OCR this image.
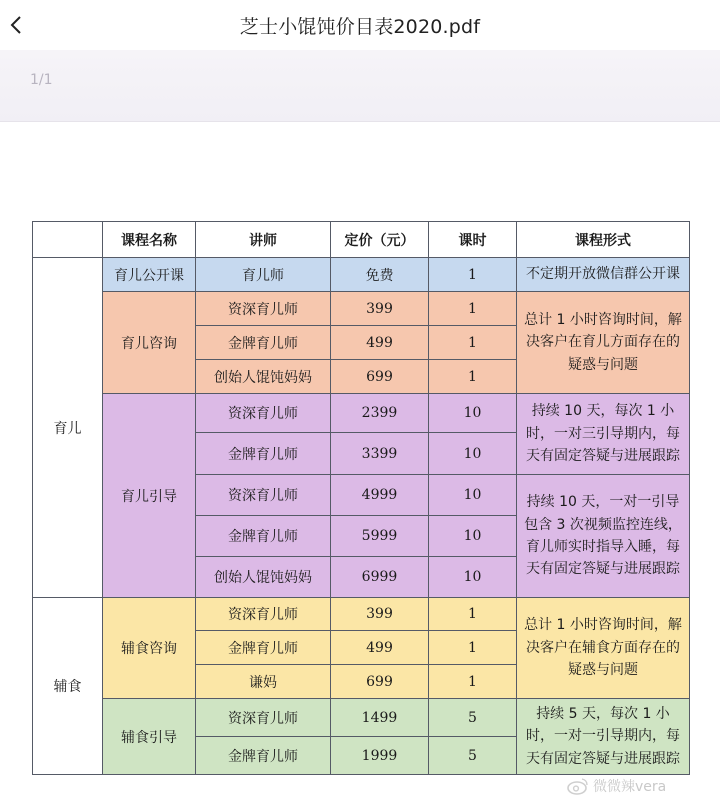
芝士小馄饨价目表2020.pdf
1/1
	课程名称	讲师	定价（元）	课时	课程形式
育儿	育儿公开课	育儿师	免费	1	不定期开放微信群公开课
	育儿咨询	资深育儿师	399	1	总计 1 小时咨询时间，解决客户在育儿方面存在的疑惑与问题
		金牌育儿师	499	1	
		创始人馄饨妈妈	699	1	
	育儿引导	资深育儿师	2399	10	持续 10 天，每次 1 小时，一对三引导期内，每天有固定答疑与进展跟踪
		金牌育儿师	3399	10	
		资深育儿师	4999	10	持续 10 天，一对一引导包含 3 次视频监控连线，育儿师实时指导入睡，每天有固定答疑与进展跟踪
		金牌育儿师	5999	10	
		创始人馄饨妈妈	6999	10	
辅食	辅食咨询	资深育儿师	399	1	总计 1 小时咨询时间，解决客户在辅食方面存在的疑惑与问题
		金牌育儿师	499	1	
		谦妈	699	1	
	辅食引导	资深育儿师	1499	5	持续 5 天，每次 1 小时，一对一引导期内，每天有固定答疑与进展跟踪
		金牌育儿师	1999	5	
微微辣vera
